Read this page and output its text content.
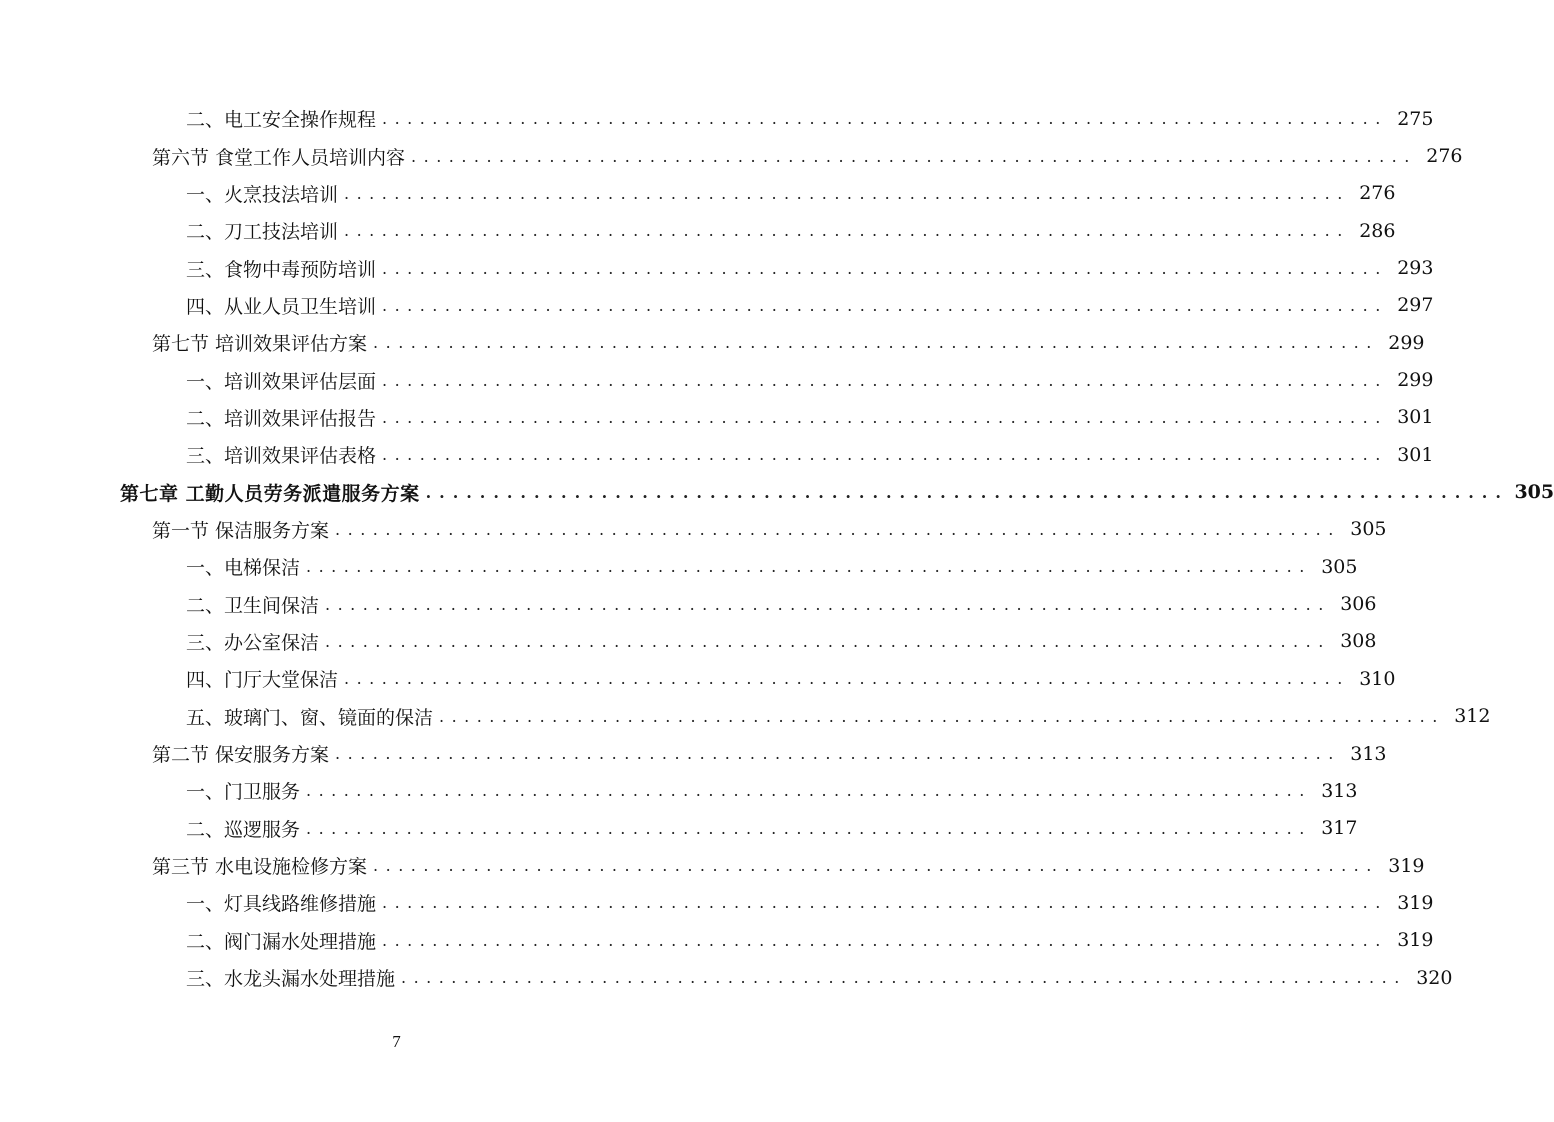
二、电工安全操作规程 . . . . . . . . . . . . . . . . . . . . . . . . . . . . . . . . . . . . . . . . . . . . . . . . . . . . . . . . . . . . . . . . . . . . . . . . . . . . . . . . 275
第六节 食堂工作人员培训内容 . . . . . . . . . . . . . . . . . . . . . . . . . . . . . . . . . . . . . . . . . . . . . . . . . . . . . . . . . . . . . . . . . . . . . . . . . . . . . . . . 276
一、火烹技法培训 . . . . . . . . . . . . . . . . . . . . . . . . . . . . . . . . . . . . . . . . . . . . . . . . . . . . . . . . . . . . . . . . . . . . . . . . . . . . . . . . 276
二、刀工技法培训 . . . . . . . . . . . . . . . . . . . . . . . . . . . . . . . . . . . . . . . . . . . . . . . . . . . . . . . . . . . . . . . . . . . . . . . . . . . . . . . . 286
三、食物中毒预防培训 . . . . . . . . . . . . . . . . . . . . . . . . . . . . . . . . . . . . . . . . . . . . . . . . . . . . . . . . . . . . . . . . . . . . . . . . . . . . . . . . 293
四、从业人员卫生培训 . . . . . . . . . . . . . . . . . . . . . . . . . . . . . . . . . . . . . . . . . . . . . . . . . . . . . . . . . . . . . . . . . . . . . . . . . . . . . . . . 297
第七节 培训效果评估方案 . . . . . . . . . . . . . . . . . . . . . . . . . . . . . . . . . . . . . . . . . . . . . . . . . . . . . . . . . . . . . . . . . . . . . . . . . . . . . . . . 299
一、培训效果评估层面 . . . . . . . . . . . . . . . . . . . . . . . . . . . . . . . . . . . . . . . . . . . . . . . . . . . . . . . . . . . . . . . . . . . . . . . . . . . . . . . . 299
二、培训效果评估报告 . . . . . . . . . . . . . . . . . . . . . . . . . . . . . . . . . . . . . . . . . . . . . . . . . . . . . . . . . . . . . . . . . . . . . . . . . . . . . . . . 301
三、培训效果评估表格 . . . . . . . . . . . . . . . . . . . . . . . . . . . . . . . . . . . . . . . . . . . . . . . . . . . . . . . . . . . . . . . . . . . . . . . . . . . . . . . . 301
第七章 工勤人员劳务派遣服务方案 . . . . . . . . . . . . . . . . . . . . . . . . . . . . . . . . . . . . . . . . . . . . . . . . . . . . . . . . . . . . . . . . . . . . . . . . . . . . . . . . 305
第一节 保洁服务方案 . . . . . . . . . . . . . . . . . . . . . . . . . . . . . . . . . . . . . . . . . . . . . . . . . . . . . . . . . . . . . . . . . . . . . . . . . . . . . . . . 305
一、电梯保洁 . . . . . . . . . . . . . . . . . . . . . . . . . . . . . . . . . . . . . . . . . . . . . . . . . . . . . . . . . . . . . . . . . . . . . . . . . . . . . . . . 305
二、卫生间保洁 . . . . . . . . . . . . . . . . . . . . . . . . . . . . . . . . . . . . . . . . . . . . . . . . . . . . . . . . . . . . . . . . . . . . . . . . . . . . . . . . 306
三、办公室保洁 . . . . . . . . . . . . . . . . . . . . . . . . . . . . . . . . . . . . . . . . . . . . . . . . . . . . . . . . . . . . . . . . . . . . . . . . . . . . . . . . 308
四、门厅大堂保洁 . . . . . . . . . . . . . . . . . . . . . . . . . . . . . . . . . . . . . . . . . . . . . . . . . . . . . . . . . . . . . . . . . . . . . . . . . . . . . . . . 310
五、玻璃门、窗、镜面的保洁 . . . . . . . . . . . . . . . . . . . . . . . . . . . . . . . . . . . . . . . . . . . . . . . . . . . . . . . . . . . . . . . . . . . . . . . . . . . . . . . . 312
第二节 保安服务方案 . . . . . . . . . . . . . . . . . . . . . . . . . . . . . . . . . . . . . . . . . . . . . . . . . . . . . . . . . . . . . . . . . . . . . . . . . . . . . . . . 313
一、门卫服务 . . . . . . . . . . . . . . . . . . . . . . . . . . . . . . . . . . . . . . . . . . . . . . . . . . . . . . . . . . . . . . . . . . . . . . . . . . . . . . . . 313
二、巡逻服务 . . . . . . . . . . . . . . . . . . . . . . . . . . . . . . . . . . . . . . . . . . . . . . . . . . . . . . . . . . . . . . . . . . . . . . . . . . . . . . . . 317
第三节 水电设施检修方案 . . . . . . . . . . . . . . . . . . . . . . . . . . . . . . . . . . . . . . . . . . . . . . . . . . . . . . . . . . . . . . . . . . . . . . . . . . . . . . . . 319
一、灯具线路维修措施 . . . . . . . . . . . . . . . . . . . . . . . . . . . . . . . . . . . . . . . . . . . . . . . . . . . . . . . . . . . . . . . . . . . . . . . . . . . . . . . . 319
二、阀门漏水处理措施 . . . . . . . . . . . . . . . . . . . . . . . . . . . . . . . . . . . . . . . . . . . . . . . . . . . . . . . . . . . . . . . . . . . . . . . . . . . . . . . . 319
三、水龙头漏水处理措施 . . . . . . . . . . . . . . . . . . . . . . . . . . . . . . . . . . . . . . . . . . . . . . . . . . . . . . . . . . . . . . . . . . . . . . . . . . . . . . . . 320
7
